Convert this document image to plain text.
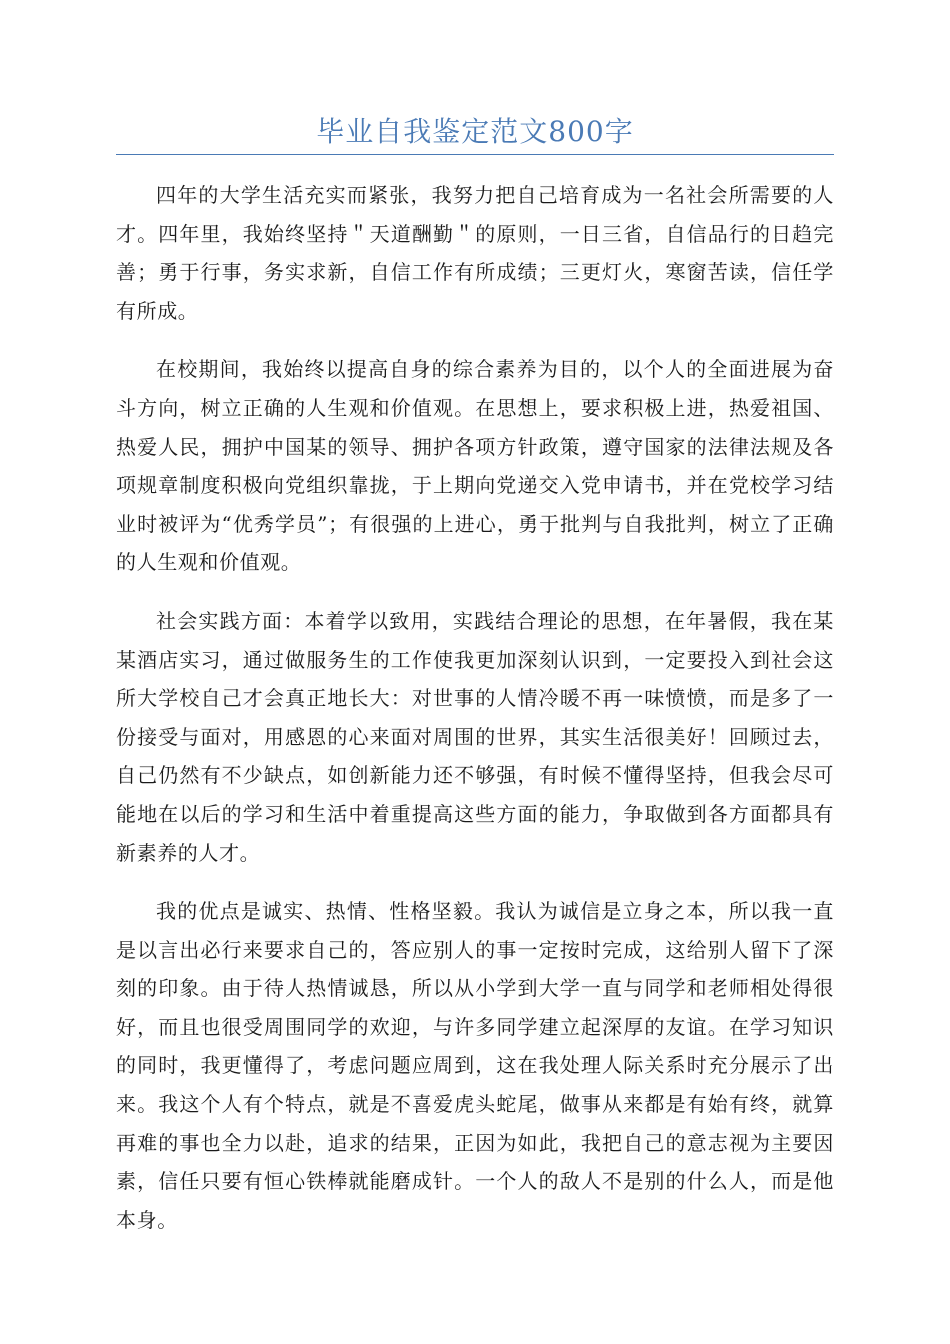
毕业自我鉴定范文800字

四年的大学生活充实而紧张，我努力把自己培育成为一名社会所需要的人才。四年里，我始终坚持＂天道酬勤＂的原则，一日三省，自信品行的日趋完善；勇于行事，务实求新，自信工作有所成绩；三更灯火，寒窗苦读，信任学有所成。

在校期间，我始终以提高自身的综合素养为目的，以个人的全面进展为奋斗方向，树立正确的人生观和价值观。在思想上，要求积极上进，热爱祖国、热爱人民，拥护中国某的领导、拥护各项方针政策，遵守国家的法律法规及各项规章制度积极向党组织靠拢，于上期向党递交入党申请书，并在党校学习结业时被评为“优秀学员”；有很强的上进心，勇于批判与自我批判，树立了正确的人生观和价值观。

社会实践方面：本着学以致用，实践结合理论的思想，在年暑假，我在某某酒店实习，通过做服务生的工作使我更加深刻认识到，一定要投入到社会这所大学校自己才会真正地长大：对世事的人情冷暖不再一味愤愤，而是多了一份接受与面对，用感恩的心来面对周围的世界，其实生活很美好！回顾过去，自己仍然有不少缺点，如创新能力还不够强，有时候不懂得坚持，但我会尽可能地在以后的学习和生活中着重提高这些方面的能力，争取做到各方面都具有新素养的人才。

我的优点是诚实、热情、性格坚毅。我认为诚信是立身之本，所以我一直是以言出必行来要求自己的，答应别人的事一定按时完成，这给别人留下了深刻的印象。由于待人热情诚恳，所以从小学到大学一直与同学和老师相处得很好，而且也很受周围同学的欢迎，与许多同学建立起深厚的友谊。在学习知识的同时，我更懂得了，考虑问题应周到，这在我处理人际关系时充分展示了出来。我这个人有个特点，就是不喜爱虎头蛇尾，做事从来都是有始有终，就算再难的事也全力以赴，追求的结果，正因为如此，我把自己的意志视为主要因素，信任只要有恒心铁棒就能磨成针。一个人的敌人不是别的什么人，而是他本身。
